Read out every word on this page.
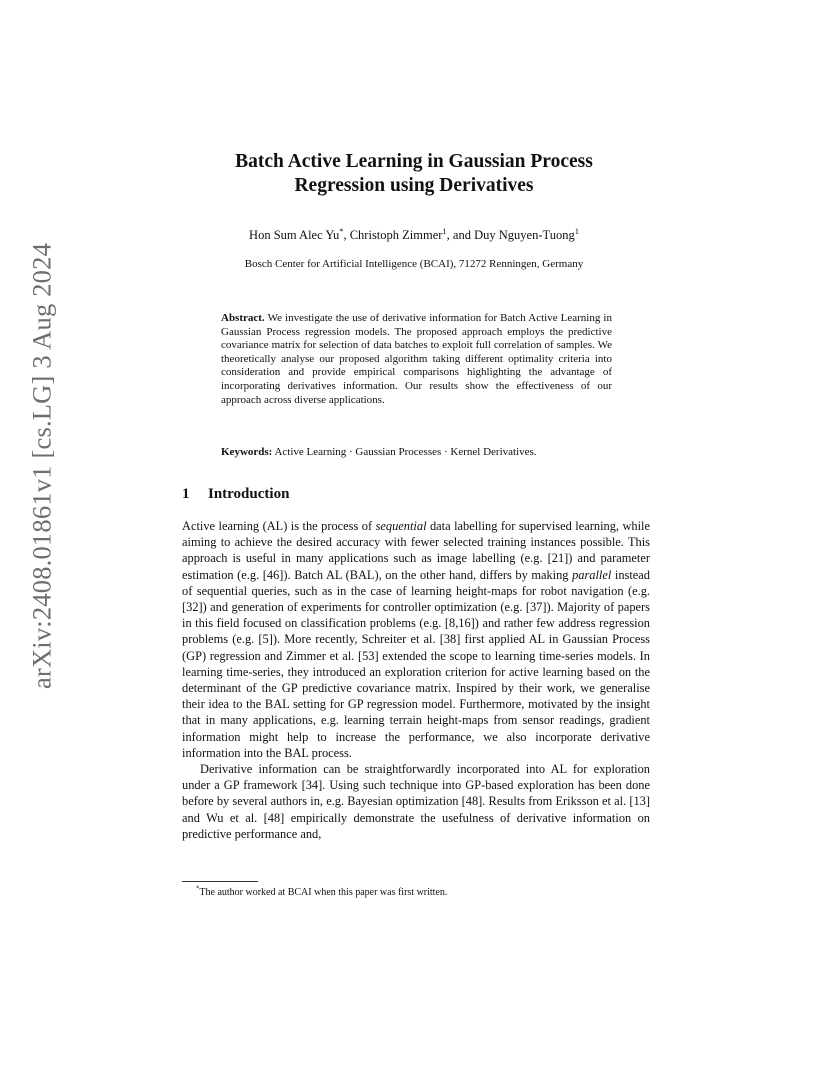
arXiv:2408.01861v1 [cs.LG] 3 Aug 2024
Batch Active Learning in Gaussian Process
Regression using Derivatives
Hon Sum Alec Yu*, Christoph Zimmer$^1$, and Duy Nguyen-Tuong$^1$
Bosch Center for Artificial Intelligence (BCAI), 71272 Renningen, Germany
Abstract. We investigate the use of derivative information for Batch Active Learning in Gaussian Process regression models. The proposed approach employs the predictive covariance matrix for selection of data batches to exploit full correlation of samples. We theoretically analyse our proposed algorithm taking different optimality criteria into consideration and provide empirical comparisons highlighting the advantage of incorporating derivatives information. Our results show the effectiveness of our approach across diverse applications.
Keywords: Active Learning · Gaussian Processes · Kernel Derivatives.
1 Introduction

Active learning (AL) is the process of sequential data labelling for supervised learning, while aiming to achieve the desired accuracy with fewer selected training instances possible. This approach is useful in many applications such as image labelling (e.g. [21]) and parameter estimation (e.g. [46]). Batch AL (BAL), on the other hand, differs by making parallel instead of sequential queries, such as in the case of learning height-maps for robot navigation (e.g. [32]) and generation of experiments for controller optimization (e.g. [37]). Majority of papers in this field focused on classification problems (e.g. [8,16]) and rather few address regression problems (e.g. [5]). More recently, Schreiter et al. [38] first applied AL in Gaussian Process (GP) regression and Zimmer et al. [53] extended the scope to learning time-series models. In learning time-series, they introduced an exploration criterion for active learning based on the determinant of the GP predictive covariance matrix. Inspired by their work, we generalise their idea to the BAL setting for GP regression model. Furthermore, motivated by the insight that in many applications, e.g. learning terrain height-maps from sensor readings, gradient information might help to increase the performance, we also incorporate derivative information into the BAL process.

Derivative information can be straightforwardly incorporated into AL for exploration under a GP framework [34]. Using such technique into GP-based exploration has been done before by several authors in, e.g. Bayesian optimization [48]. Results from Eriksson et al. [13] and Wu et al. [48] empirically demonstrate the usefulness of derivative information on predictive performance and,

*The author worked at BCAI when this paper was first written.
